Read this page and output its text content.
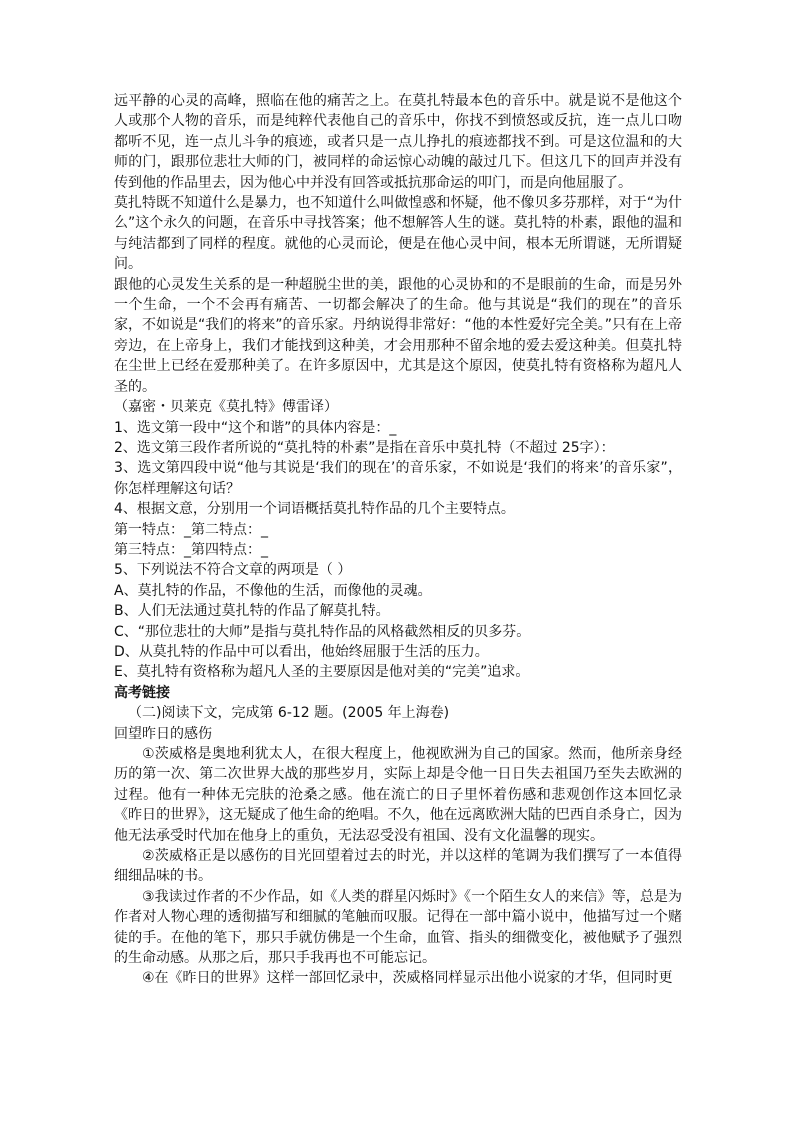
远平静的心灵的高峰，照临在他的痛苦之上。在莫扎特最本色的音乐中。就是说不是他这个人或那个人物的音乐，而是纯粹代表他自己的音乐中，你找不到愤怒或反抗，连一点儿口吻都听不见，连一点儿斗争的痕迹，或者只是一点儿挣扎的痕迹都找不到。可是这位温和的大师的门，跟那位悲壮大师的门，被同样的命运惊心动魄的敲过几下。但这几下的回声并没有传到他的作品里去，因为他心中并没有回答或抵抗那命运的叩门，而是向他屈服了。

莫扎特既不知道什么是暴力，也不知道什么叫做惶惑和怀疑，他不像贝多芬那样，对于“为什么”这个永久的问题，在音乐中寻找答案；他不想解答人生的谜。莫扎特的朴素，跟他的温和与纯洁都到了同样的程度。就他的心灵而论，便是在他心灵中间，根本无所谓谜，无所谓疑问。

跟他的心灵发生关系的是一种超脱尘世的美，跟他的心灵协和的不是眼前的生命，而是另外一个生命，一个不会再有痛苦、一切都会解决了的生命。他与其说是“我们的现在”的音乐家，不如说是“我们的将来”的音乐家。丹纳说得非常好：“他的本性爱好完全美。”只有在上帝旁边，在上帝身上，我们才能找到这种美，才会用那种不留余地的爱去爱这种美。但莫扎特在尘世上已经在爱那种美了。在许多原因中，尤其是这个原因，使莫扎特有资格称为超凡人圣的。

（嘉密・贝莱克《莫扎特》傅雷译）

1、选文第一段中“这个和谐”的具体内容是：_

2、选文第三段作者所说的“莫扎特的朴素”是指在音乐中莫扎特（不超过 25字）：

3、选文第四段中说“他与其说是‘我们的现在’的音乐家，不如说是‘我们的将来’的音乐家”，你怎样理解这句话？

4、根据文意，分别用一个词语概括莫扎特作品的几个主要特点。

第一特点：_第二特点：_

第三特点：_第四特点：_

5、下列说法不符合文章的两项是（ ）

A、莫扎特的作品，不像他的生活，而像他的灵魂。

B、人们无法通过莫扎特的作品了解莫扎特。

C、“那位悲壮的大师”是指与莫扎特作品的风格截然相反的贝多芬。

D、从莫扎特的作品中可以看出，他始终屈服于生活的压力。

E、莫扎特有资格称为超凡人圣的主要原因是他对美的“完美”追求。

高考链接

（二)阅读下文，完成第 6-12 题。(2005 年上海卷)

回望昨日的感伤

①茨威格是奥地利犹太人，在很大程度上，他视欧洲为自己的国家。然而，他所亲身经历的第一次、第二次世界大战的那些岁月，实际上却是令他一日日失去祖国乃至失去欧洲的过程。他有一种体无完肤的沧桑之感。他在流亡的日子里怀着伤感和悲观创作这本回忆录《昨日的世界》，这无疑成了他生命的绝唱。不久，他在远离欧洲大陆的巴西自杀身亡，因为他无法承受时代加在他身上的重负，无法忍受没有祖国、没有文化温馨的现实。

②茨威格正是以感伤的目光回望着过去的时光，并以这样的笔调为我们撰写了一本值得细细品味的书。

③我读过作者的不少作品，如《人类的群星闪烁时》《一个陌生女人的来信》等，总是为作者对人物心理的透彻描写和细腻的笔触而叹服。记得在一部中篇小说中，他描写过一个赌徒的手。在他的笔下，那只手就仿佛是一个生命，血管、指头的细微变化，被他赋予了强烈的生命动感。从那之后，那只手我再也不可能忘记。

④在《昨日的世界》这样一部回忆录中，茨威格同样显示出他小说家的才华，但同时更
